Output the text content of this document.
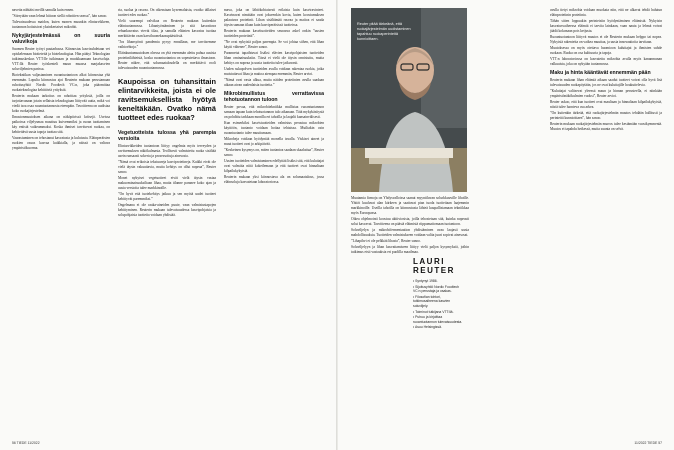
navetta nähtäisi meillä samalla kuin ennen.

”Siirrytään vaan lehmä hiitoon siellä robottien seassa”, hän sanoo.

Tulevaisuudessa maidon, kuten monen muunkin elintarvikkeen, tuotannon hoitaisivat yksinkertaiset mikrobit.

Nykyjärjestelmässä on suuria valuvikoja

Suomen Reuter työryi puutarhassa. Kiinnostus kasvisuhdetaan vei opiskelemaan biotieteitä ja bioteknologiaa. Hän päätyi Teknologian tutkimuskeskus VTT:lle tutkimaan ja muokkaamaan kasvisoluja. VTT:llä Reuter työskenteli muun muassa marjakasvien soluviljelmien parissa.

Biotekniikan valjastaminen ruoantuotantoon alkoi kiinnostaa yhä enemmän. Lopulta kiinnostus ajoi Reuterin mukaan perustamaan ruhoitusyhtiö Nordic Foodtech VC:n, joka pääomittaa ruokateknologiaa kehittäviä yrityksiä.

Reuterin mukaan tarkoitus on rahoittaa yrityksiä, joilla on tarjottavanaan jotain sellaista teknologiaan liittyvää uutta, mikä voi viedä isoa osaa ruoantuotannosta eteenpäin. Tavoitteena on uudistaa koko ruokajärjestelmä.

Ilmastonmuutoksen aikana on näköpiirissä kriisejä. Useissa paikoissa viljelysmaa muuttuu kuivemmiksi ja ruoan tuottaminen käy entistä vaikeammaksi. Koska ihmiset tarvitsevat ruokaa, on kehitettävä uusia tapoja tuottaa sitä.

Vaurastuminen on tehostanut kasvatusta ja kulutusta. Eläinperäisten ruokien osuus kasvaa kaikkialla, ja näissä on valtava ympäristökuorma.

ria, suolaa ja rasvaa. On oikeastaan kyseenalaista, ovatko tällaiset tuotteet edes ruokaa.”

Vielä suurempi valvikoa on Reuterin mukaan kuitenkin eläintuotannossa. Lihantyöntäminen ja sitä kasvattava rehunkasvatus vievät tilaa, ja samalla eläinten kasvatus tuottaa merkittävän osan kasvihuonekaasupäästöistä.

”Jos lihansyönti pandemia pysyy ennallaan, me tarvitsemme vaihtoehtoja.”

Eläinkuntamuutoksen ohessa on yhä enemmän alettu puhua uusista proteiinilähteistä, koska ruoantuotantoa on sopeutettava ilmastoon. Reuter näkee, että solumaataloudella on merkittävä rooli tulevaisuuden ruoantuotannossa.

Kaupoissa on tuhansittain elintarvikkeita, joista ei ole ravitsemuksellista hyötyä keneltäkään. Ovatko nämä tuotteet edes ruokaa?
Vegetuotteista tulossa yhä parempia versioita

Elintarvikkeiden tuotantoon liittyy ongelmia myös terveyden ja ravitsemuksen näkökulmasta. Teollisesti valmistettu ruoka sisältää usein runsaasti sokeria ja prosessoituja ainesosia.

”Nämä ovat erikoisia tekstuureja kasviproteiineja. Kaikki eivät ole vielä täysin vakuuttavia, mutta kehitys on ollut nopeaa”, Reuter sanoo.

Monet nykyiset vegetuotteet eivät vielä täysin vastaa makuominaisuuksiltaan lihaa, mutta tilanne paranee koko ajan ja uusia versioita tulee markkinoille.

”On hyvä että tuotekehitys jatkuu ja sen myötä uudet tuotteet kehittyvät paremmiksi.”

Ongelmana ei ole raaka-aineiden puute, vaan valmistustapojen kehittyminen. Reuterin mukaan tulevaisuudessa kasvipohjaisia ja solupohjaisia tuotteita voidaan yhdistää.

mava, joka on lähtökohtaisesti erilaista kuin kasviravinteet. Kasvinavat nimittäin ovat jokseenkin kovia, kuten koostumuksen palautuva proteiinit. Lihan sisältämää rasvaa ja maitoa ei saada täysin samaan tilaan kuin kasviperäisissä tuotteissa.

Reuterin mukaan kasvituotteiden seuraava askel onkin ”uusien tuotteiden proteiinit”.

”Ne ovat nykyisiä paljon parempia. Se voi johtaa siihen, että lihan käytti vähenee”, Reuter sanoo.

Parannetut tapaihtuvat lisäksi elävien kasvipohjaisten tuotteiden lihan ominaisuuksiin. Tässä ei vielä ole täysin onnistuttu, mutta kehitys on nopeaa ja uusia tuotteita tulee jatkuvasti.

Uuden sukupolven tuotteiden avulla voidaan rakentaa ruokia, jotka muistuttavat lihaa ja maitoa aiempaa enemmän, Reuter arvioi.

”Nämä ovat vasta alkua, mutta näiden proteiinien avulla saadaan aikaan aivan uudenlaisia tuotteita.”

Mikrobimullistus verrattavissa tehotuotannon tuloon

Reuter povaa, että mikrobitekniikka mullistaa ruoantuotannon samaan tapaan kuin tehotuotannon tulo aikanaan. Tätä mykykäsitystä on pohdittu tarkkaan monilla eri tahoilla ja laajalti kansainvälisesti.

Kun esimerkiksi kasvistuotteiden valmistus perustuu mikrobien käyttöön, tuotanto voidaan hoitaa tehtaissa. Muiltakin osin ruoantuotanto tulee muuttumaan.

Mikrobeja voidaan hyödyntää monella tavalla. Viskiset aineet ja muut tuotteet ovat jo arkipäivää.

”Keskeinen kysymys on, miten tuotantoa saadaan skaalattua”, Reuter sanoo.

Uusien tuotteiden valmistaminen edellyttää lisäksi sitä, että kuluttajat ovat valmiita niitä kokeilemaan ja että tuotteet ovat hinnaltaan kilpailukykyisiä.

Reuterin mukaan yksi kiinnostava ala on solumaatalous, jossa eläinsoluja kasvatetaan laboratoriossa.

56 TIEDE 11/2022

Muutamia firmoja on Yhdysvalloissa saanut myyntiluvan solurkkuuville lihoille. Yhtiöt kuuluvat alan kärkeen ja saattavat pian tuoda tuotteitaan laajemmin markkinoille. Useilla tahoilla on kiinnostusta lähteä kaupallistamaan tekniikkaa myös Euroopassa.

Oikea ohjelmointi koostuu aktiiviosista, joilla tehostetaan sitä, kuinka nopeasti solut kasvavat. Tavoitteena on päästä eläimistä riippumattomaan tuotantoon.

Soluviljelyn ja mikrobifermentaation yhdistäminen avaa laajasti uusia mahdollisuuksia. Tuotteiden valmistukseen voidaan valita juuri sopivat ainesosat.

”Lihapihvi ei ole pelkkää lihasta”, Reuter sanoo.

Soluviljelyyn ja lihan kasvattamiseen liittyy vielä paljon kysymyksiä, joihin tutkimus etsii vastauksia eri puolilla maailmaa.

avulla tietyt mikrobia voidaan muokata niin, että ne alkavat tehdä halutun eläinproteiinin proteiinia.

Tähän sitten loppuukin perinteisiin hyödyntäminen eläimistä. Nykyisin kasvatusvaiheessa eläimiä ei tarvita lainkaan, vaan nauta ja lehmä voivat jäädä kokonaan pois ketjusta.

Ruoantuotantoon liittyvä muutos ei ole Reuterin mukaan helppo tai nopea. Nykyisiä rakenteita on vaikea muuttaa, ja uusia innovaatioita tarvitaan.

Muutoksessa on myös otettava huomioon kuluttajat ja ihmisten suhde ruokaan. Ruoka on osa kulttuuria ja tapoja.

VTT:n laboratoriossa on kasvatettu mikrobia avulla myös kananmunan valkuaista, joka on nykyään tuotannossa.

Maku ja hinta kääntävät ennemmän pään

Reuterin mukaan lihan eläimiä aikaan saadut tuotteet voivat olla hyvä lisä tulevaisuuden ruokapöytään, jos ne ovat kuluttajille houkuttelevia.

”Kuluttajat valitsevat yleensä maun ja hinnan perusteella, ei niinkään ympäristönäkökulmien vuoksi”, Reuter arvioi.

Reuter uskoo, että kun tuotteet ovat maultaan ja hinnaltaan kilpailukykyisiä, niistä tulee luonteva osa arkea.

”On kuitenkin tärkeää, että ruokajärjestelmän muutos tehdään hallitusti ja perinteitä kunnioittaen”, hän sanoo.

Reuterin mukaan ruokajärjestelmän murros tulee kestämään vuosikymmeniä. Muutos ei tapahdu hetkessä, mutta suunta on selvä.

11/2022 TIEDE 57
Reuter pitää tärkeänä, että ruokajärjestelmän uudistaminen tapahtuu ruokaperinteitä kunnioittaen.
LAURI REUTER
• Syntynyt 1986.
• Sijoitusyhtiö Nordic Foodtech VC:n perustaja ja osakas.
• Filosofian tohtori, tutkimusaiheena kasvien soluviljely.
• Toiminut tutkijana VTT:llä.
• Puhuu ja kirjoittaa ruoantuotannon tulevaisuudesta.
• Asuu Helsingissä.
